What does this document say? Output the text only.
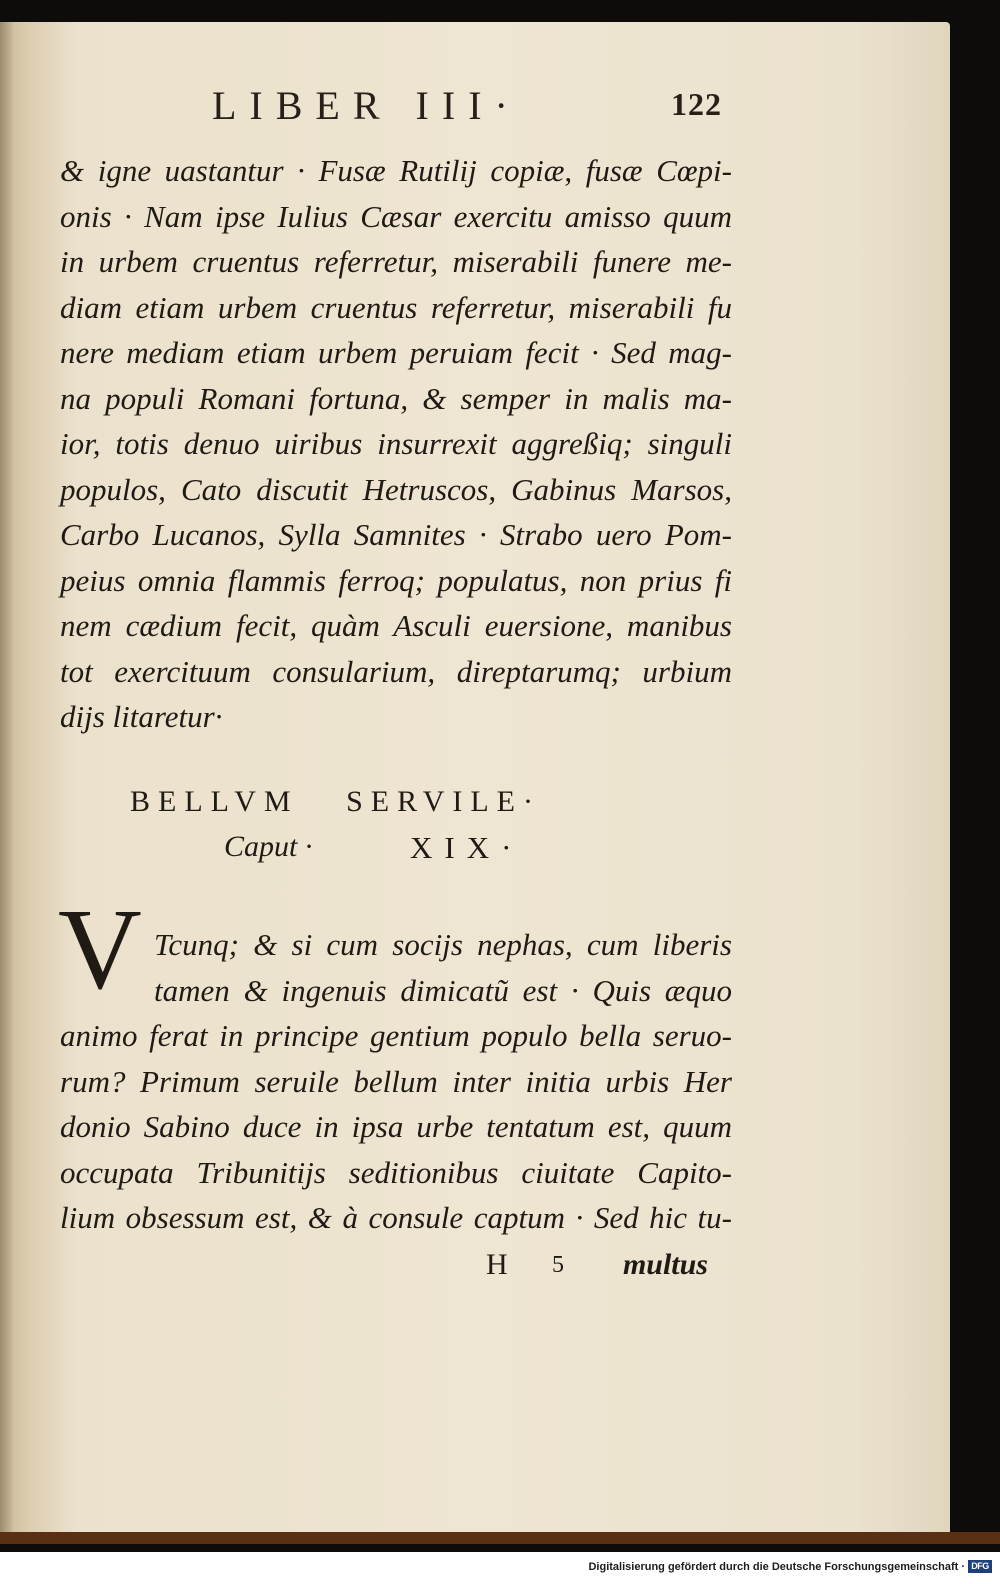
LIBER III·	122
& igne uastantur · Fusæ Rutilij copiæ, fusæ Cœpi-
onis · Nam ipse Iulius Cæsar exercitu amisso quum
in urbem cruentus referretur, miserabili funere me-
diam etiam urbem cruentus referretur, miserabili fu
nere mediam etiam urbem peruiam fecit · Sed mag-
na populi Romani fortuna, & semper in malis ma-
ior, totis denuo uiribus insurrexit aggreßiq; singuli
populos, Cato discutit Hetruscos, Gabinus Marsos,
Carbo Lucanos, Sylla Samnites · Strabo uero Pom-
peius omnia flammis ferroq; populatus, non prius fi
nem cædium fecit, quàm Asculi euersione, manibus
tot exercituum consularium, direptarumq; urbium
dijs litaretur·
BELLVM SERVILE·
Caput ·	XIX·
V Tcunq; & si cum socijs nephas, cum liberis
tamen & ingenuis dimicatũ est · Quis æquo
animo ferat in principe gentium populo bella seruo-
rum? Primum seruile bellum inter initia urbis Her
donio Sabino duce in ipsa urbe tentatum est, quum
occupata Tribunitijs seditionibus ciuitate Capito-
lium obsessum est, & à consule captum · Sed hic tu-
H 5 multus
Digitalisierung gefördert durch die Deutsche Forschungsgemeinschaft · DFG
